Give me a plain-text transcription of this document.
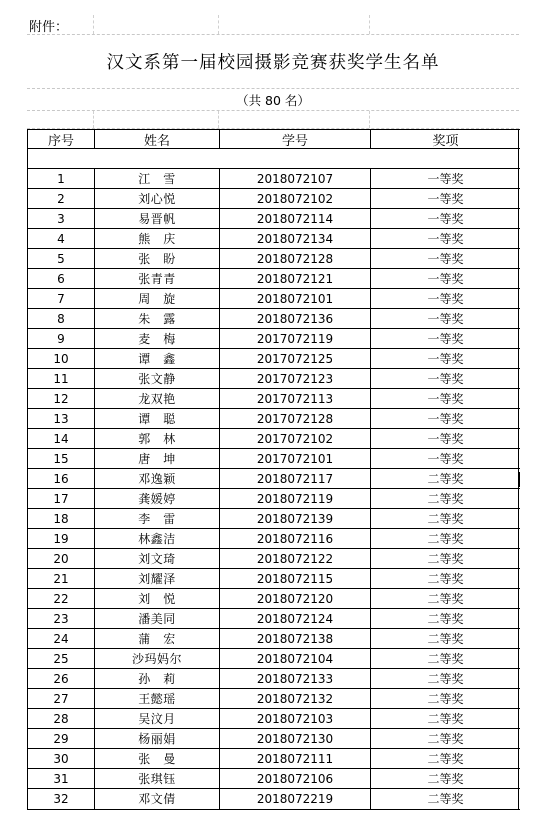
附件：
汉文系第一届校园摄影竞赛获奖学生名单
（共 80 名）
序号	姓名	学号	奖项
1	江　雪	2018072107	一等奖
2	刘心悦	2018072102	一等奖
3	易晋帆	2018072114	一等奖
4	熊　庆	2018072134	一等奖
5	张　盼	2018072128	一等奖
6	张青青	2018072121	一等奖
7	周　旋	2018072101	一等奖
8	朱　露	2018072136	一等奖
9	麦　梅	2017072119	一等奖
10	谭　鑫	2017072125	一等奖
11	张文静	2017072123	一等奖
12	龙双艳	2017072113	一等奖
13	谭　聪	2017072128	一等奖
14	郭　林	2017072102	一等奖
15	唐　坤	2017072101	一等奖
16	邓逸颖	2018072117	二等奖
17	龚媛婷	2018072119	二等奖
18	李　雷	2018072139	二等奖
19	林鑫洁	2018072116	二等奖
20	刘文琦	2018072122	二等奖
21	刘耀泽	2018072115	二等奖
22	刘　悦	2018072120	二等奖
23	潘美同	2018072124	二等奖
24	蒲　宏	2018072138	二等奖
25	沙玛妈尔	2018072104	二等奖
26	孙　莉	2018072133	二等奖
27	王懿瑶	2018072132	二等奖
28	吴汶月	2018072103	二等奖
29	杨丽娟	2018072130	二等奖
30	张　曼	2018072111	二等奖
31	张琪钰	2018072106	二等奖
32	邓文倩	2018072219	二等奖
